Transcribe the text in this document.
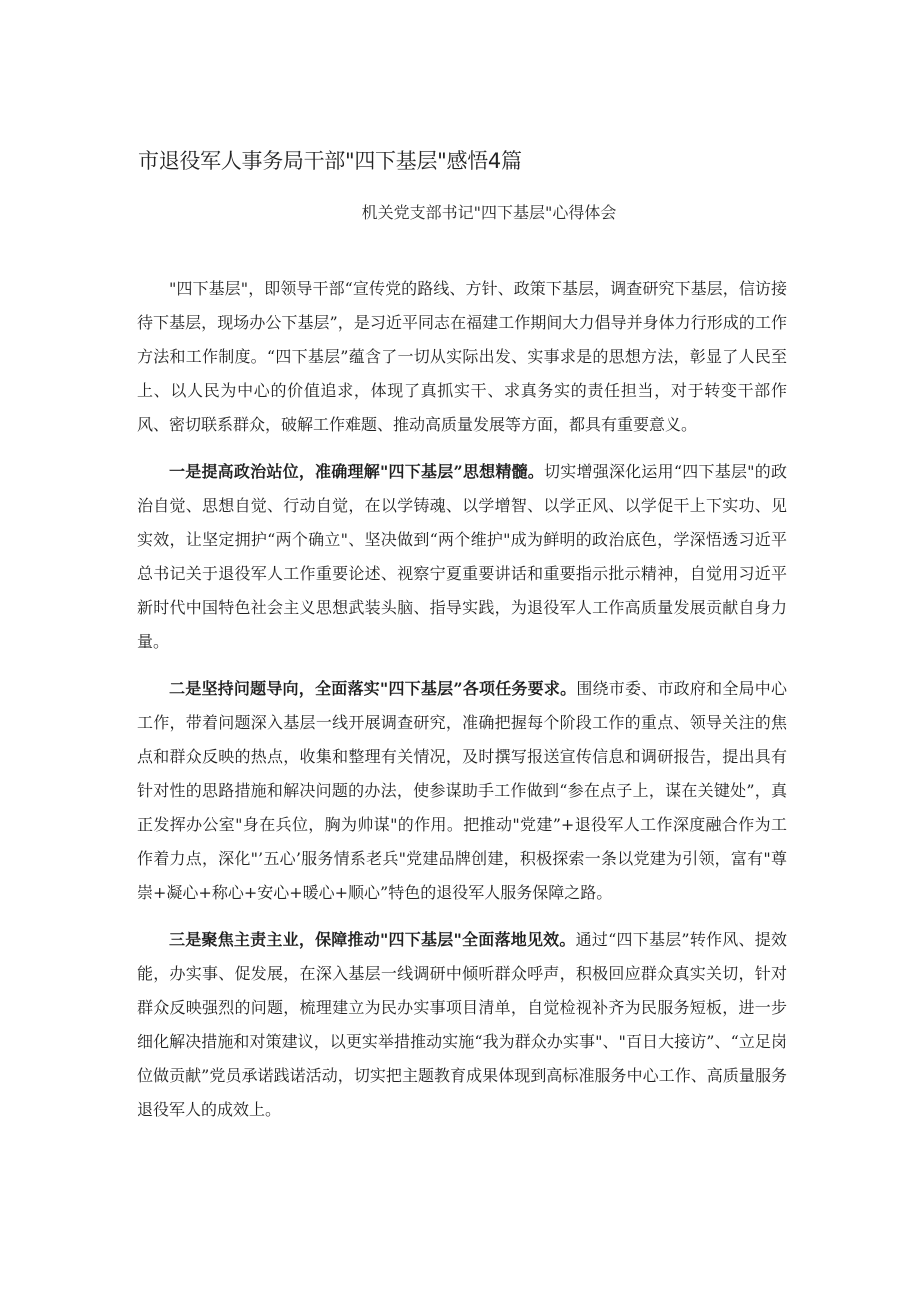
市退役军人事务局干部"四下基层"感悟4篇
机关党支部书记"四下基层"心得体会

"四下基层"，即领导干部“宣传党的路线、方针、政策下基层，调查研究下基层，信访接待下基层，现场办公下基层”，是习近平同志在福建工作期间大力倡导并身体力行形成的工作方法和工作制度。“四下基层”蕴含了一切从实际出发、实事求是的思想方法，彰显了人民至上、以人民为中心的价值追求，体现了真抓实干、求真务实的责任担当，对于转变干部作风、密切联系群众，破解工作难题、推动高质量发展等方面，都具有重要意义。

一是提高政治站位，准确理解"四下基层”思想精髓。切实增强深化运用“四下基层"的政治自觉、思想自觉、行动自觉，在以学铸魂、以学增智、以学正风、以学促干上下实功、见实效，让坚定拥护“两个确立"、坚决做到“两个维护"成为鲜明的政治底色，学深悟透习近平总书记关于退役军人工作重要论述、视察宁夏重要讲话和重要指示批示精神，自觉用习近平新时代中国特色社会主义思想武装头脑、指导实践，为退役军人工作高质量发展贡献自身力量。

二是坚持问题导向，全面落实"四下基层”各项任务要求。围绕市委、市政府和全局中心工作，带着问题深入基层一线开展调查研究，准确把握每个阶段工作的重点、领导关注的焦点和群众反映的热点，收集和整理有关情况，及时撰写报送宣传信息和调研报告，提出具有针对性的思路措施和解决问题的办法，使参谋助手工作做到“参在点子上，谋在关键处”，真正发挥办公室"身在兵位，胸为帅谋"的作用。把推动"党建”+退役军人工作深度融合作为工作着力点，深化"’五心’服务情系老兵"党建品牌创建，积极探索一条以党建为引领，富有"尊崇+凝心+称心+安心+暖心+顺心”特色的退役军人服务保障之路。

三是聚焦主责主业，保障推动"四下基层"全面落地见效。通过“四下基层”转作风、提效能，办实事、促发展，在深入基层一线调研中倾听群众呼声，积极回应群众真实关切，针对群众反映强烈的问题，梳理建立为民办实事项目清单，自觉检视补齐为民服务短板，进一步细化解决措施和对策建议，以更实举措推动实施“我为群众办实事"、"百日大接访”、“立足岗位做贡献”党员承诺践诺活动，切实把主题教育成果体现到高标准服务中心工作、高质量服务退役军人的成效上。
